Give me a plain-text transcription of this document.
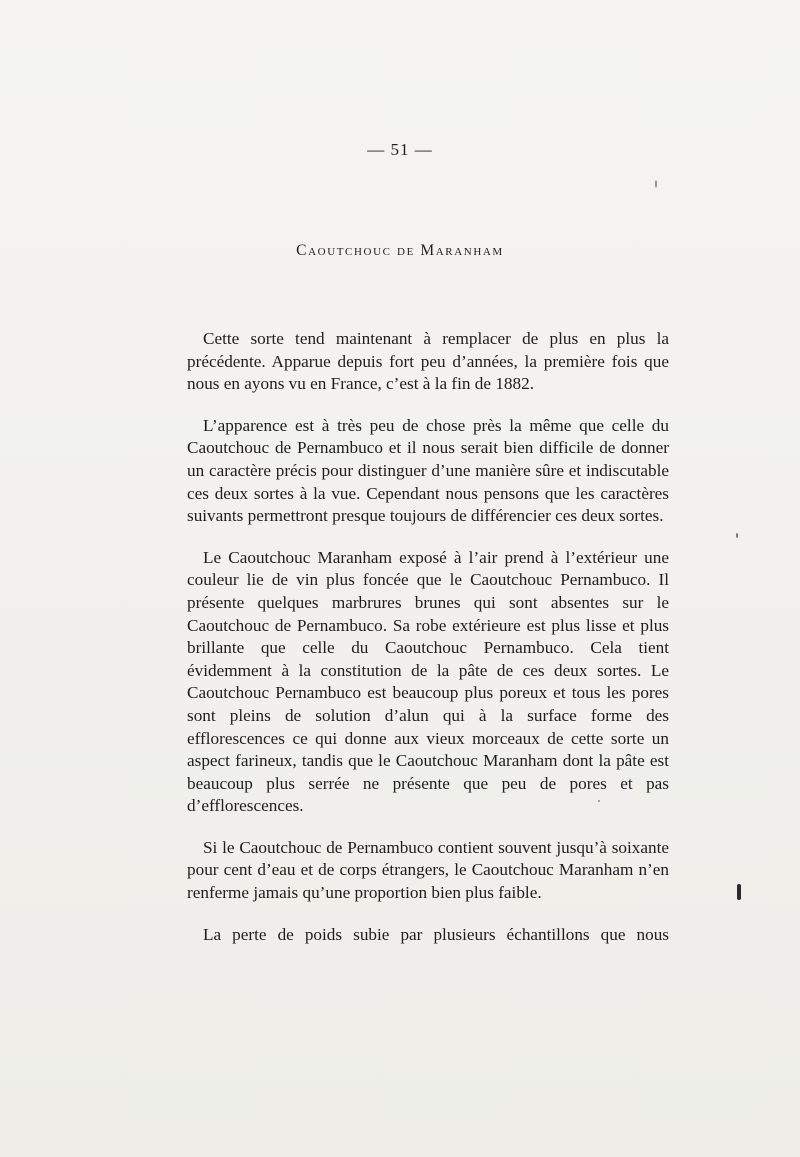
— 51 —
Caoutchouc de Maranham

Cette sorte tend maintenant à remplacer de plus en plus la précédente. Apparue depuis fort peu d’années, la première fois que nous en ayons vu en France, c’est à la fin de 1882.

L’apparence est à très peu de chose près la même que celle du Caoutchouc de Pernambuco et il nous serait bien difficile de donner un caractère précis pour distinguer d’une manière sûre et indiscutable ces deux sortes à la vue. Cependant nous pensons que les caractères suivants permettront presque toujours de différencier ces deux sortes.

Le Caoutchouc Maranham exposé à l’air prend à l’extérieur une couleur lie de vin plus foncée que le Caoutchouc Pernambuco. Il présente quelques marbrures brunes qui sont absentes sur le Caoutchouc de Pernambuco. Sa robe extérieure est plus lisse et plus brillante que celle du Caoutchouc Pernambuco. Cela tient évidemment à la constitution de la pâte de ces deux sortes. Le Caoutchouc Pernambuco est beaucoup plus poreux et tous les pores sont pleins de solution d’alun qui à la surface forme des efflorescences ce qui donne aux vieux morceaux de cette sorte un aspect farineux, tandis que le Caoutchouc Maranham dont la pâte est beaucoup plus serrée ne présente que peu de pores et pas d’efflorescences.

Si le Caoutchouc de Pernambuco contient souvent jusqu’à soixante pour cent d’eau et de corps étrangers, le Caoutchouc Maranham n’en renferme jamais qu’une proportion bien plus faible.

La perte de poids subie par plusieurs échantillons que nous
